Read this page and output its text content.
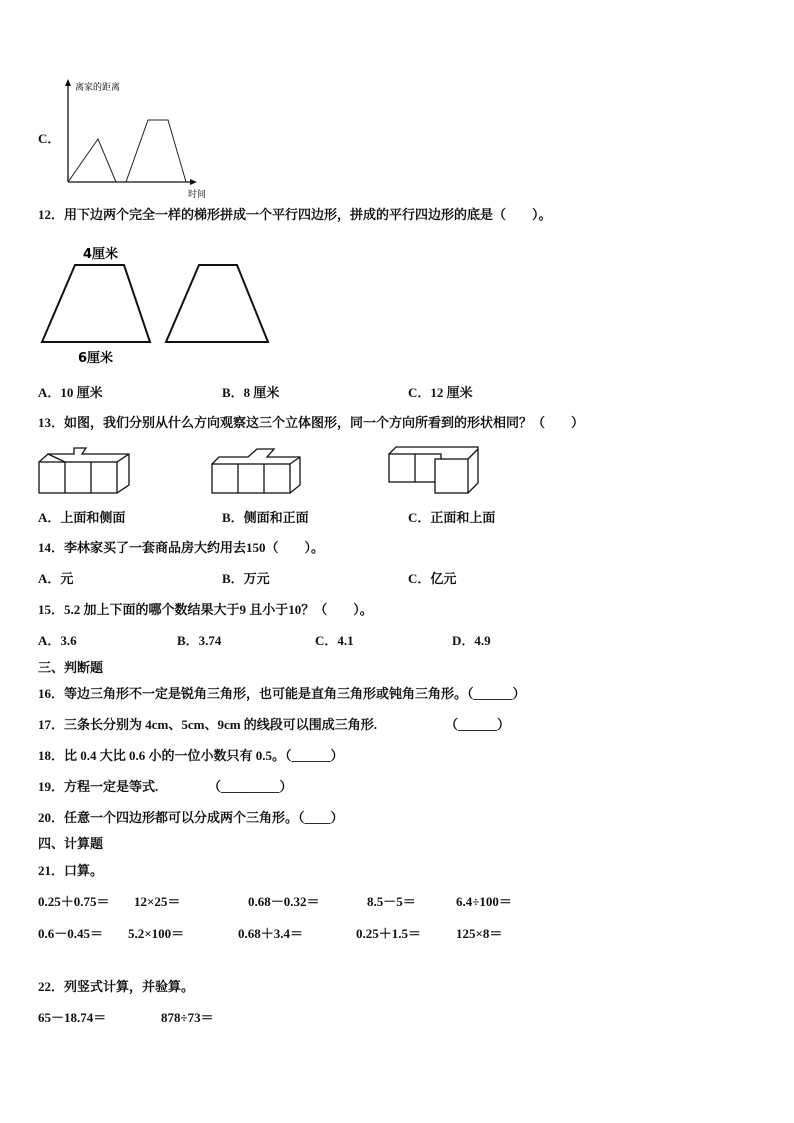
C．
离家的距离
时间
12．用下边两个完全一样的梯形拼成一个平行四边形，拼成的平行四边形的底是（　　）。
4厘米
6厘米
A．10 厘米	B．8 厘米	C．12 厘米
13．如图，我们分别从什么方向观察这三个立体图形，同一个方向所看到的形状相同？（　　）
A．上面和侧面	B．侧面和正面	C．正面和上面
14．李林家买了一套商品房大约用去150（　　）。
A．元	B．万元	C．亿元
15．5.2 加上下面的哪个数结果大于9 且小于10？（　　）。
A．3.6	B．3.74	C．4.1	D．4.9
三、判断题
16．等边三角形不一定是锐角三角形，也可能是直角三角形或钝角三角形。（______）
17．三条长分别为 4cm、5cm、9cm 的线段可以围成三角形.	（______）
18．比 0.4 大比 0.6 小的一位小数只有 0.5。（______）
19．方程一定是等式.	（_________）
20．任意一个四边形都可以分成两个三角形。（____）
四、计算题
21．口算。
0.25＋0.75＝ 12×25＝	0.68－0.32＝	8.5－5＝	6.4÷100＝
0.6－0.45＝ 5.2×100＝	0.68＋3.4＝	0.25＋1.5＝	125×8＝
22．列竖式计算，并验算。
65－18.74＝	878÷73＝
